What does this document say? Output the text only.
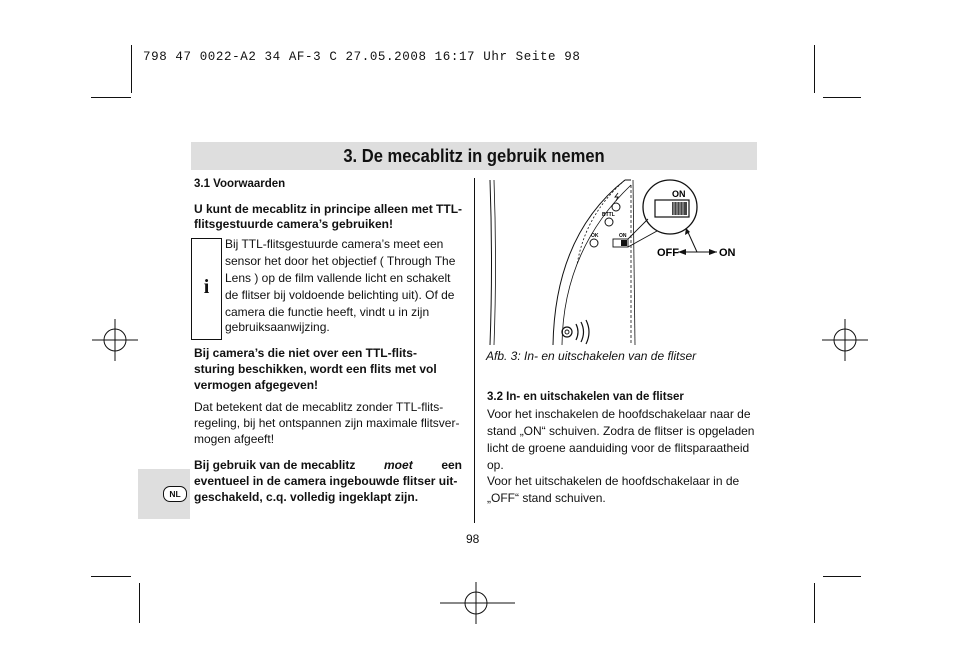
798 47 0022-A2 34 AF-3 C 27.05.2008 16:17 Uhr Seite 98
3. De mecablitz in gebruik nemen
NL
3.1 Voorwaarden
U kunt de mecablitz in principe alleen met TTL-
flitsgestuurde camera’s gebruiken!
i
Bij TTL-flitsgestuurde camera’s meet een
sensor het door het objectief ( Through The
Lens ) op de film vallende licht en schakelt
de flitser bij voldoende belichting uit). Of de
camera die functie heeft, vindt u in zijn
gebruiksaanwijzing.
Bij camera’s die niet over een TTL-flits-
sturing beschikken, wordt een flits met vol
vermogen afgegeven!
Dat betekent dat de mecablitz zonder TTL-flits-
regeling, bij het ontspannen zijn maximale flitsver-
mogen afgeeft!
Bij gebruik van de mecablitz moet een
eventueel in de camera ingebouwde flitser uit-
geschakeld, c.q. volledig ingeklapt zijn.
BTTL
OK	ON
ON
OFF	ON
Afb. 3: In- en uitschakelen van de flitser
3.2 In- en uitschakelen van de flitser
Voor het inschakelen de hoofdschakelaar naar de
stand „ON“ schuiven. Zodra de flitser is opgeladen
licht de groene aanduiding voor de flitsparaatheid
op.
Voor het uitschakelen de hoofdschakelaar in de
„OFF“ stand schuiven.
98
